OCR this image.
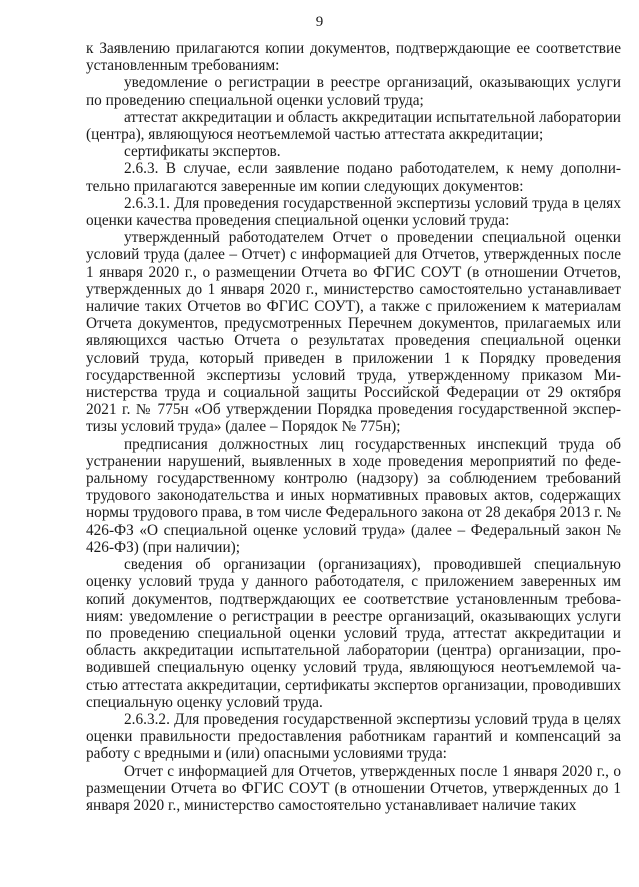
9

к Заявлению прилагаются копии документов, подтверждающие ее соответствие установленным требованиям:

уведомление о регистрации в реестре организаций, оказывающих услуги по проведению специальной оценки условий труда;

аттестат аккредитации и область аккредитации испытательной лаборатории (центра), являющуюся неотъемлемой частью аттестата аккредитации;

сертификаты экспертов.

2.6.3. В случае, если заявление подано работодателем, к нему дополнительно прилагаются заверенные им копии следующих документов:

2.6.3.1. Для проведения государственной экспертизы условий труда в целях оценки качества проведения специальной оценки условий труда:

утвержденный работодателем Отчет о проведении специальной оценки условий труда (далее – Отчет) с информацией для Отчетов, утвержденных после 1 января 2020 г., о размещении Отчета во ФГИС СОУТ (в отношении Отчетов, утвержденных до 1 января 2020 г., министерство самостоятельно устанавливает наличие таких Отчетов во ФГИС СОУТ), а также с приложением к материалам Отчета документов, предусмотренных Перечнем документов, прилагаемых или являющихся частью Отчета о результатах проведения специальной оценки условий труда, который приведен в приложении 1 к Порядку проведения государственной экспертизы условий труда, утвержденному приказом Министерства труда и социальной защиты Российской Федерации от 29 октября 2021 г. № 775н «Об утверждении Порядка проведения государственной экспертизы условий труда» (далее – Порядок № 775н);

предписания должностных лиц государственных инспекций труда об устранении нарушений, выявленных в ходе проведения мероприятий по федеральному государственному контролю (надзору) за соблюдением требований трудового законодательства и иных нормативных правовых актов, содержащих нормы трудового права, в том числе Федерального закона от 28 декабря 2013 г. № 426-ФЗ «О специальной оценке условий труда» (далее – Федеральный закон № 426-ФЗ) (при наличии);

сведения об организации (организациях), проводившей специальную оценку условий труда у данного работодателя, с приложением заверенных им копий документов, подтверждающих ее соответствие установленным требованиям: уведомление о регистрации в реестре организаций, оказывающих услуги по проведению специальной оценки условий труда, аттестат аккредитации и область аккредитации испытательной лаборатории (центра) организации, проводившей специальную оценку условий труда, являющуюся неотъемлемой частью аттестата аккредитации, сертификаты экспертов организации, проводивших специальную оценку условий труда.

2.6.3.2. Для проведения государственной экспертизы условий труда в целях оценки правильности предоставления работникам гарантий и компенсаций за работу с вредными и (или) опасными условиями труда:

Отчет с информацией для Отчетов, утвержденных после 1 января 2020 г., о размещении Отчета во ФГИС СОУТ (в отношении Отчетов, утвержденных до 1 января 2020 г., министерство самостоятельно устанавливает наличие таких
